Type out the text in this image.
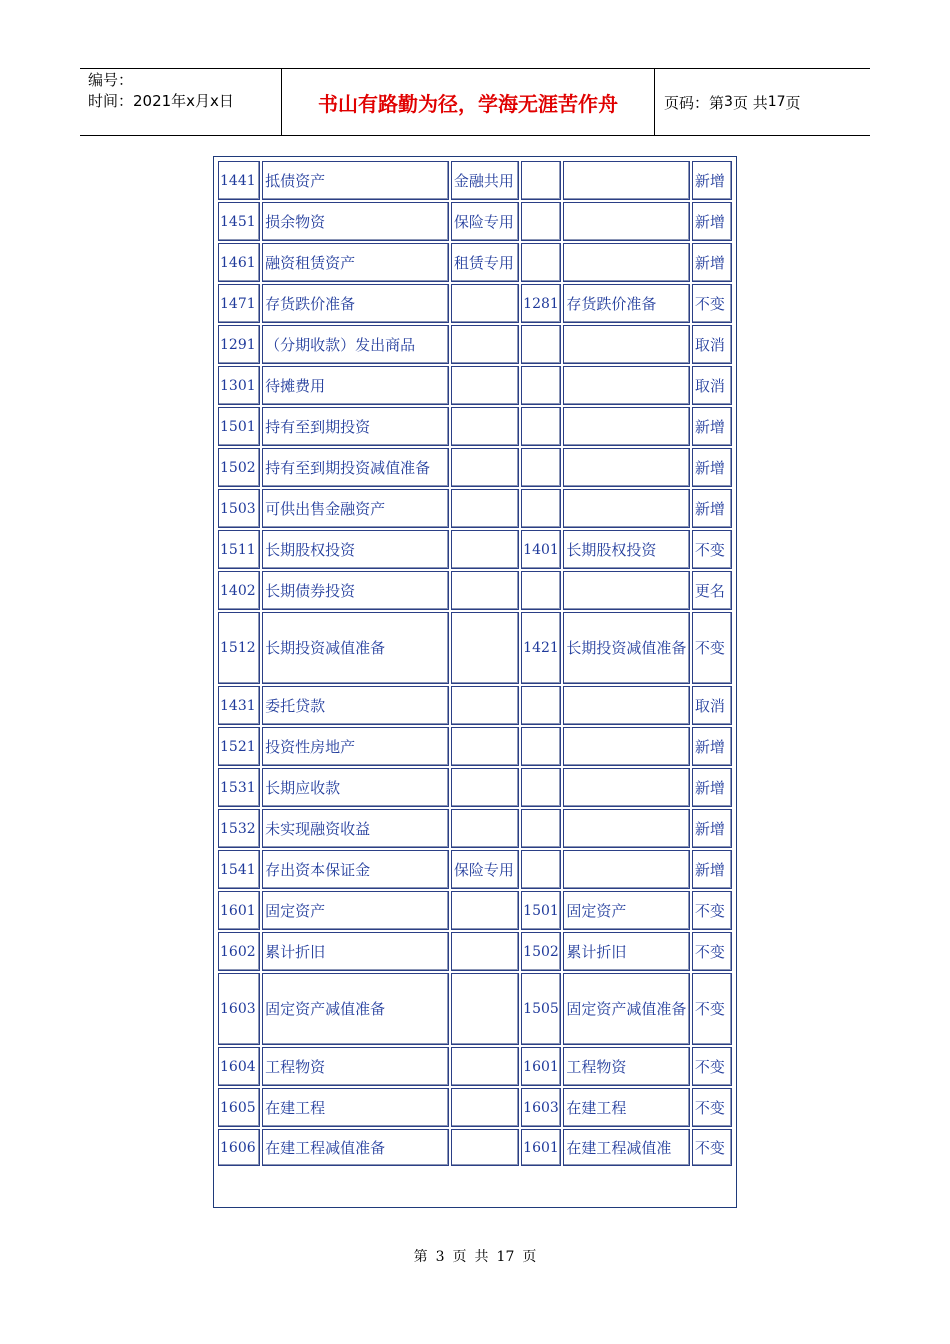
编号：
时间：2021年x月x日	书山有路勤为径，学海无涯苦作舟	页码：第 3 页 共 17 页
1441	抵债资产	金融共用			新增
1451	损余物资	保险专用			新增
1461	融资租赁资产	租赁专用			新增
1471	存货跌价准备		1281	存货跌价准备	不变
1291	（分期收款）发出商品				取消
1301	待摊费用				取消
1501	持有至到期投资				新增
1502	持有至到期投资减值准备				新增
1503	可供出售金融资产				新增
1511	长期股权投资		1401	长期股权投资	不变
1402	长期债券投资				更名
1512	长期投资减值准备		1421	长期投资减值准备	不变
1431	委托贷款				取消
1521	投资性房地产				新增
1531	长期应收款				新增
1532	未实现融资收益				新增
1541	存出资本保证金	保险专用			新增
1601	固定资产		1501	固定资产	不变
1602	累计折旧		1502	累计折旧	不变
1603	固定资产减值准备		1505	固定资产减值准备	不变
1604	工程物资		1601	工程物资	不变
1605	在建工程		1603	在建工程	不变
1606	在建工程减值准备		1601	在建工程减值准	不变
第 3 页 共 17 页
